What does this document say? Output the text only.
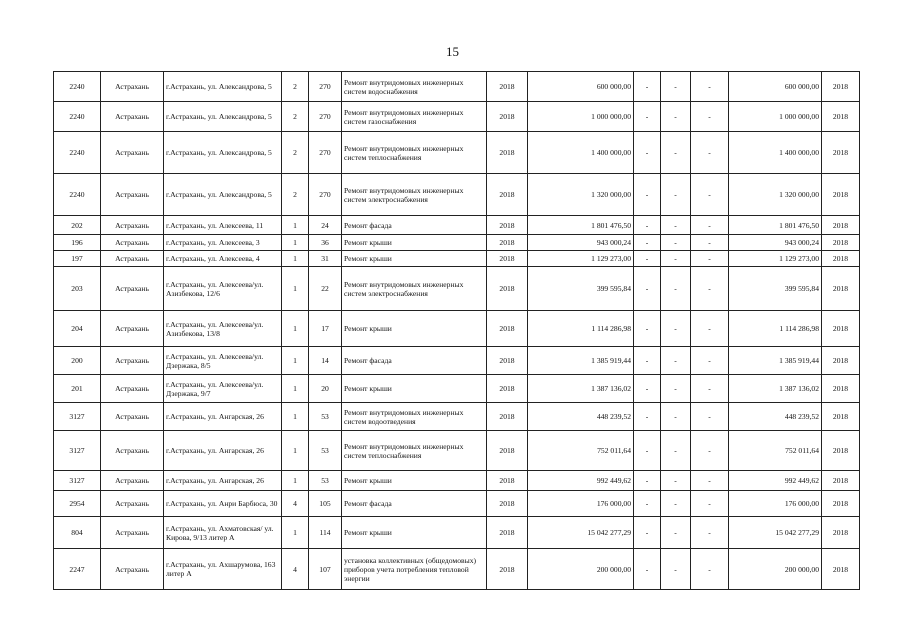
15
2240	Астрахань	г.Астрахань, ул. Александрова, 5	2	270	Ремонт внутридомовых инженерных систем водоснабжения	2018	600 000,00	-	-	-	600 000,00	2018
2240	Астрахань	г.Астрахань, ул. Александрова, 5	2	270	Ремонт внутридомовых инженерных систем газоснабжения	2018	1 000 000,00	-	-	-	1 000 000,00	2018
2240	Астрахань	г.Астрахань, ул. Александрова, 5	2	270	Ремонт внутридомовых инженерных систем теплоснабжения	2018	1 400 000,00	-	-	-	1 400 000,00	2018
2240	Астрахань	г.Астрахань, ул. Александрова, 5	2	270	Ремонт внутридомовых инженерных систем электроснабжения	2018	1 320 000,00	-	-	-	1 320 000,00	2018
202	Астрахань	г.Астрахань, ул. Алексеева, 11	1	24	Ремонт фасада	2018	1 801 476,50	-	-	-	1 801 476,50	2018
196	Астрахань	г.Астрахань, ул. Алексеева, 3	1	36	Ремонт крыши	2018	943 000,24	-	-	-	943 000,24	2018
197	Астрахань	г.Астрахань, ул. Алексеева, 4	1	31	Ремонт крыши	2018	1 129 273,00	-	-	-	1 129 273,00	2018
203	Астрахань	г.Астрахань, ул. Алексеева/ул. Азизбекова, 12/6	1	22	Ремонт внутридомовых инженерных систем электроснабжения	2018	399 595,84	-	-	-	399 595,84	2018
204	Астрахань	г.Астрахань, ул. Алексеева/ул. Азизбекова, 13/8	1	17	Ремонт крыши	2018	1 114 286,98	-	-	-	1 114 286,98	2018
200	Астрахань	г.Астрахань, ул. Алексеева/ул. Дзержака, 8/5	1	14	Ремонт фасада	2018	1 385 919,44	-	-	-	1 385 919,44	2018
201	Астрахань	г.Астрахань, ул. Алексеева/ул. Дзержака, 9/7	1	20	Ремонт крыши	2018	1 387 136,02	-	-	-	1 387 136,02	2018
3127	Астрахань	г.Астрахань, ул. Ангарская, 26	1	53	Ремонт внутридомовых инженерных систем водоотведения	2018	448 239,52	-	-	-	448 239,52	2018
3127	Астрахань	г.Астрахань, ул. Ангарская, 26	1	53	Ремонт внутридомовых инженерных систем теплоснабжения	2018	752 011,64	-	-	-	752 011,64	2018
3127	Астрахань	г.Астрахань, ул. Ангарская, 26	1	53	Ремонт крыши	2018	992 449,62	-	-	-	992 449,62	2018
2954	Астрахань	г.Астрахань, ул. Анри Барбюса, 30	4	105	Ремонт фасада	2018	176 000,00	-	-	-	176 000,00	2018
804	Астрахань	г.Астрахань, ул. Ахматовская/ ул. Кирова, 9/13 литер А	1	114	Ремонт крыши	2018	15 042 277,29	-	-	-	15 042 277,29	2018
2247	Астрахань	г.Астрахань, ул. Ахшарумова, 163 литер А	4	107	установка коллективных (общедомовых) приборов учета потребления тепловой энергии	2018	200 000,00	-	-	-	200 000,00	2018
